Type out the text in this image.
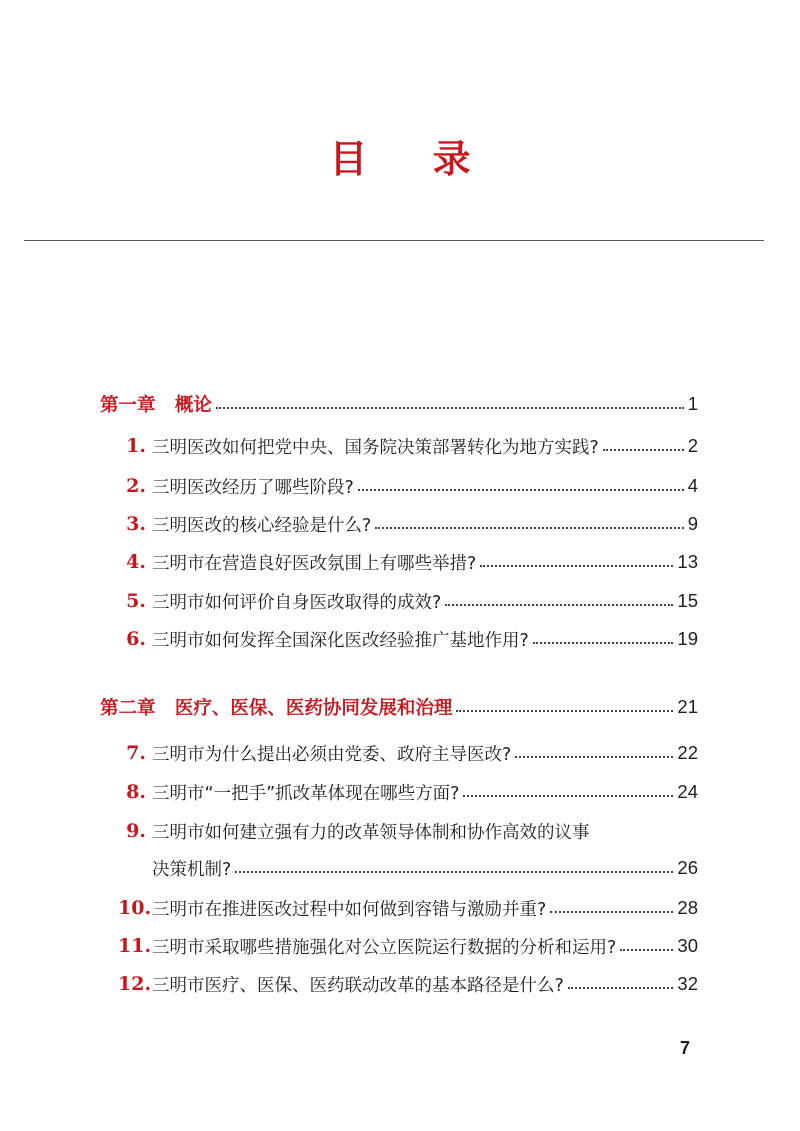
目 录
第一章   概论	1
1. 三明医改如何把党中央、国务院决策部署转化为地方实践?	2
2. 三明医改经历了哪些阶段?	4
3. 三明医改的核心经验是什么?	9
4. 三明市在营造良好医改氛围上有哪些举措?	13
5. 三明市如何评价自身医改取得的成效?	15
6. 三明市如何发挥全国深化医改经验推广基地作用?	19
第二章   医疗、医保、医药协同发展和治理	21
7. 三明市为什么提出必须由党委、政府主导医改?	22
8. 三明市“一把手”抓改革体现在哪些方面?	24
9. 三明市如何建立强有力的改革领导体制和协作高效的议事
决策机制?	26
10. 三明市在推进医改过程中如何做到容错与激励并重?	28
11. 三明市采取哪些措施强化对公立医院运行数据的分析和运用?	30
12. 三明市医疗、医保、医药联动改革的基本路径是什么?	32
7
